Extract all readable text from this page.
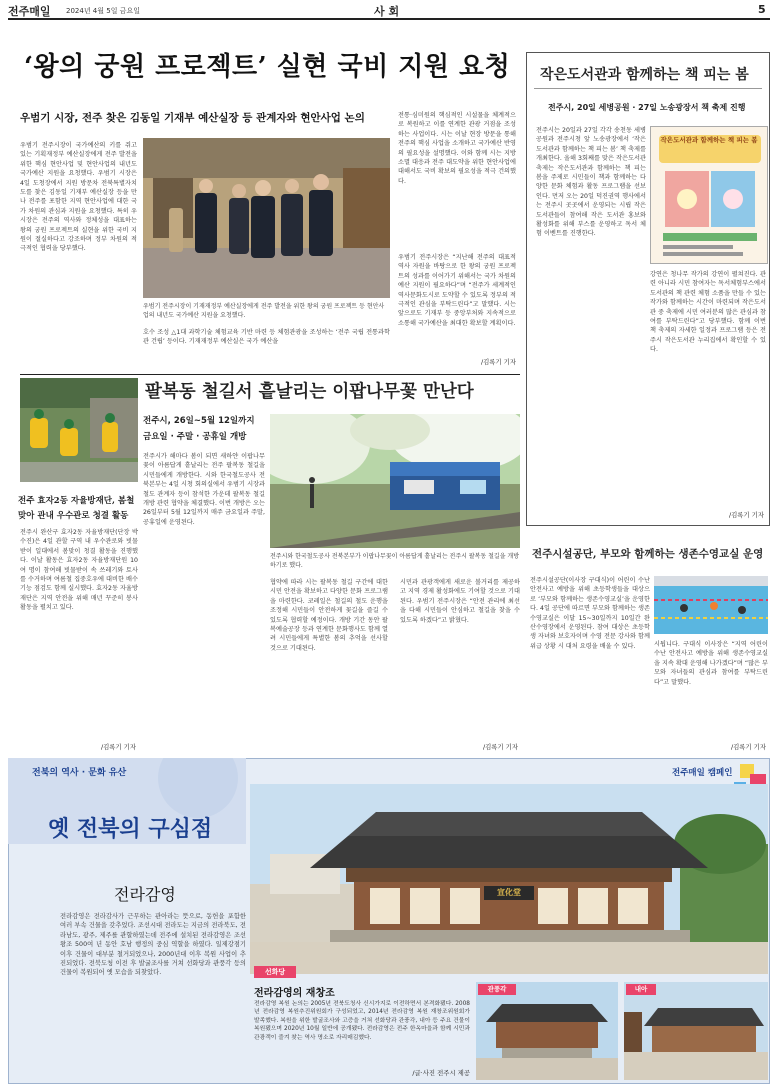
전주매일 2024년 4월 5일 금요일	사 회	5
‘왕의 궁원 프로젝트’ 실현 국비 지원 요청
우범기 시장, 전주 찾은 김동일 기재부 예산실장 등 관계자와 현안사업 논의
우범기 전주시장이 국가예산의 키를 쥐고 있는 기획재정부 예산실장에게 전주 발전을 위한 핵심 현안사업 및 현안사업의 내년도 국가예산 지원을 요청했다. 우범기 시장은 4일 도청장에서 지원 방문차 전북특별자치도를 찾은 김동일 기재부 예산실장 등을 만나 전주를 포함한 지역 현안사업에 대한 국가 차원의 관심과 지원을 요청했다. 특히 우 시장은 전주의 역사와 정체성을 대표하는 왕의 궁원 프로젝트의 실현을 위한 국비 지원이 절실하다고 강조하며 정부 차원의 적극적인 협력을 당부했다.
우범기 전주시장이 기재재정부 예산실장에게 전주 발전을 위한 왕의 궁원 프로젝트 등 현안사업의 내년도 국가예산 지원을 요청했다.
호수 조성 △1대 과학기술 체험교육 기반 마련 등 체험관광을 조성하는 ‘전주 국립 전통과학관 건립’ 등이다. 기재재정부 예산실은 국가 예산을
전통·심미원의 핵심적인 시설물을 체계적으로 복원하고 이를 연계한 관광 거점을 조성하는 사업이다. 시는 이날 현장 방문을 통해 전주의 핵심 사업을 소개하고 국가예산 반영의 필요성을 설명했다. 이와 함께 시는 지방소멸 대응과 전주 대도약을 위한 현안사업에 대해서도 국비 확보의 필요성을 적극 건의했다.
우범기 전주시장은 “지난해 전주의 대표적 역사 자원을 바탕으로 한 왕의 궁원 프로젝트의 성과를 이어가기 위해서는 국가 차원의 예산 지원이 필요하다”며 “전주가 세계적인 역사문화도시로 도약할 수 있도록 정부의 적극적인 관심을 부탁드린다”고 말했다. 시는 앞으로도 기재부 등 중앙부처와 지속적으로 소통해 국가예산을 최대한 확보할 계획이다.
/김록기 기자
작은도서관과 함께하는 책 피는 봄
전주시, 20일 세병공원 · 27일 노송광장서 책 축제 진행
전주시는 20일과 27일 각각 송천동 세병공원과 전주시청 앞 노송광장에서 ‘작은도서관과 함께하는 책 피는 봄’ 책 축제를 개최한다. 올해 3회째를 맞은 작은도서관 축제는 작은도서관과 함께하는 책 피는 봄을 주제로 시민들이 책과 함께하는 다양한 문화 체험과 활동 프로그램을 선보인다. 먼저 오는 20일 덕진권역 행사에서는 전주시 곳곳에서 운영되는 시립 작은도서관들이 참여해 작은 도서관 홍보와 활성화를 위해 부스를 운영하고 독서 체험 이벤트를 진행한다.
작은도서관과 함께하는 책 피는 봄
강연은 청나무 작가의 강연이 펼쳐진다. 관련 아니라 시민 참여자는 독서체험부스에서 도서관의 책 관련 체험 소품을 만들 수 있는 작가와 함께하는 시간이 마련되며 작은도서관 중 축제에 시민 여러분의 많은 관심과 참여를 부탁드린다”고 당부했다. 함께 이번 책 축제의 자세한 일정과 프로그램 등은 전주시 작은도서관 누리집에서 확인할 수 있다.
/김록기 기자
팔복동 철길서 흩날리는 이팝나무꽃 만난다
전주시, 26일~5월 12일까지
금요일 · 주말 · 공휴일 개방
전주시가 해마다 봄이 되면 새하얀 이팝나무꽃이 아름답게 흩날리는 전주 팔복동 철길을 시민들에게 개방한다. 시와 한국철도공사 전북본부는 4일 시청 회의실에서 우범기 시장과 철도 관계자 등이 참석한 가운데 팔복동 철길 개방 관련 협약을 체결했다. 이번 개방은 오는 26일부터 5월 12일까지 매주 금요일과 주말, 공휴일에 운영된다.
전주 효자2동 자율방재단, 봄철
맞아 관내 우수관로 청결 활동
전주시 완산구 효자2동 자율방재단(단장 박수진)은 4일 관할 구역 내 우수관로와 빗물받이 일대에서 봄맞이 청결 활동을 진행했다. 이날 활동은 효자2동 자율방재단원 10여 명이 참여해 빗물받이 속 쓰레기와 토사를 수거하며 여름철 집중호우에 대비한 배수 기능 점검도 함께 실시했다. 효자2동 자율방재단은 지역 안전을 위해 매년 꾸준히 봉사활동을 펼치고 있다.
/김록기 기자
전주시와 한국철도공사 전북본부가 이팝나무꽃이 아름답게 흩날리는 전주시 팔복동 철길을 개방하기로 했다.
협약에 따라 시는 팔복동 철길 구간에 대한 시민 안전을 확보하고 다양한 문화 프로그램을 마련한다. 코레일은 철길의 철도 운행을 조정해 시민들이 안전하게 꽃길을 즐길 수 있도록 협력할 예정이다. 개방 기간 동안 팔복예술공장 등과 연계한 문화행사도 함께 열려 시민들에게 특별한 봄의 추억을 선사할 것으로 기대된다.
시민과 관광객에게 새로운 볼거리를 제공하고 지역 경제 활성화에도 기여할 것으로 기대된다. 우범기 전주시장은 “안전 관리에 최선을 다해 시민들이 안심하고 철길을 찾을 수 있도록 하겠다”고 밝혔다.
/김록기 기자
전주시설공단, 부모와 함께하는 생존수영교실 운영
전주시설공단(이사장 구대식)이 어린이 수난 안전사고 예방을 위해 초등학생들을 대상으로 ‘부모와 함께하는 생존수영교실’을 운영한다. 4일 공단에 따르면 부모와 함께하는 생존수영교실은 이달 15~30일까지 10일간 완산수영장에서 운영된다. 참여 대상은 초등학생 자녀와 보호자이며 수영 전문 강사와 함께 위급 상황 시 대처 요령을 배울 수 있다.	시됩니다. 구대식 이사장은 “지역 어린이 수난 안전사고 예방을 위해 생존수영교실을 지속 확대 운영해 나가겠다”며 “많은 부모와 자녀들의 관심과 참여를 부탁드린다”고 말했다.
/김록기 기자
전북의 역사 · 문화 유산
옛 전북의 구심점
전주매일 캠페인
전라감영
전라감영은 전라감사가 근무하는 관아라는 뜻으로, 동헌을 포함한 여러 부속 건물을 갖추었다. 조선시대 전라도는 지금의 전라북도, 전라남도, 광주, 제주를 관할하였는데 전주에 설치된 전라감영은 조선왕조 500여 년 동안 호남 행정의 중심 역할을 하였다. 일제강점기 이후 건물이 대부분 철거되었으나, 2000년대 이후 복원 사업이 추진되었다. 전북도청 이전 후 발굴조사를 거쳐 선화당과 관풍각 등의 건물이 복원되어 옛 모습을 되찾았다.
宣化堂
선화당
전라감영의 재창조
전라감영 복원 논의는 2005년 전북도청사 신시가지로 이전하면서 본격화됐다. 2008년 전라감영 복원추진위원회가 구성되었고, 2014년 전라감영 복원 재창조위원회가 발족했다. 복원을 위한 발굴조사와 고증을 거쳐 선화당과 관풍각, 내아 등 주요 건물이 복원됐으며 2020년 10월 일반에 공개됐다. 전라감영은 전주 한옥마을과 함께 시민과 관광객이 즐겨 찾는 역사 명소로 자리매김했다.
/글·사진 전주시 제공
관풍각	내아
